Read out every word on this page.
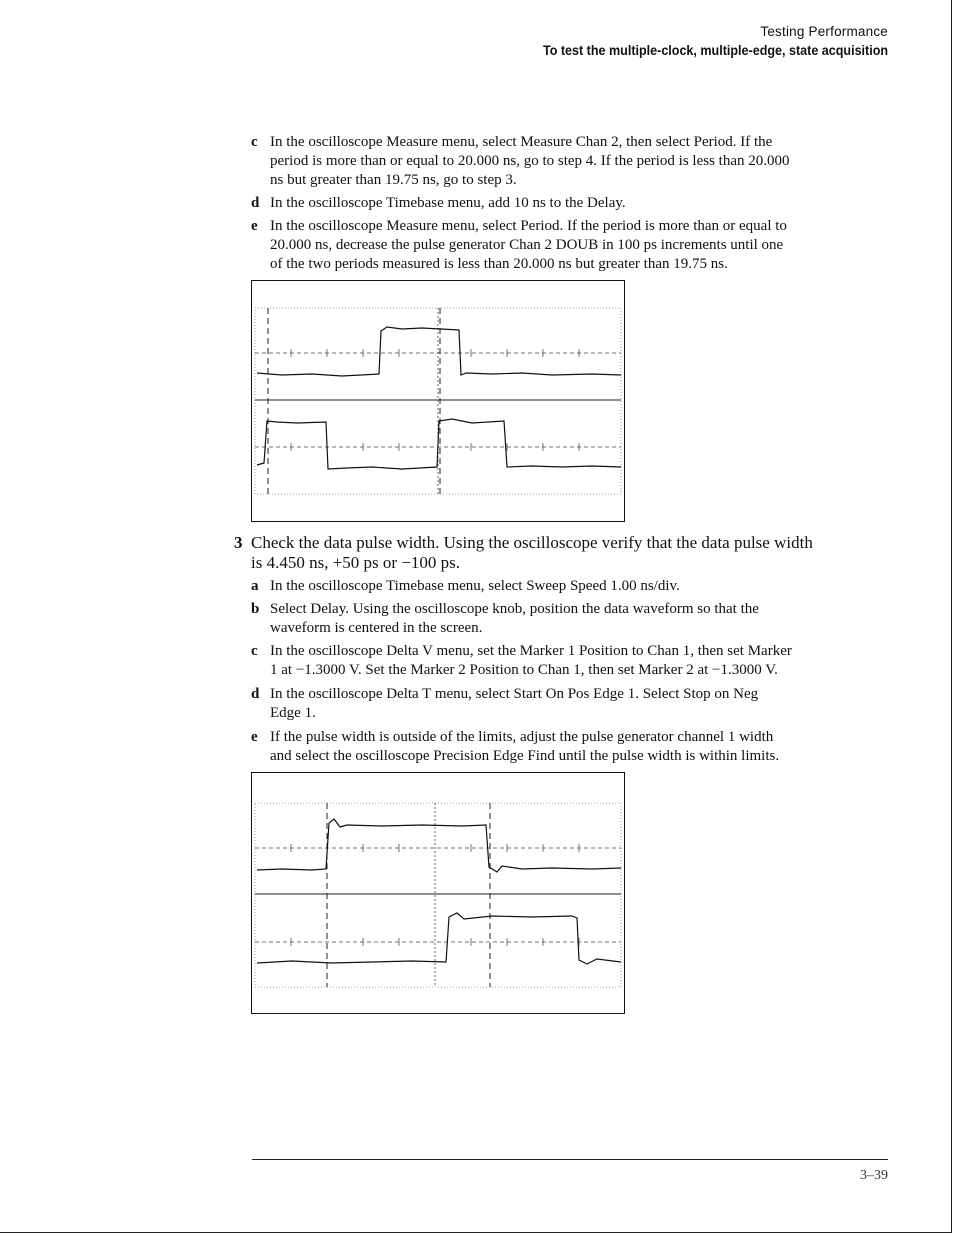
Testing Performance
To test the multiple-clock, multiple-edge, state acquisition
c In the oscilloscope Measure menu, select Measure Chan 2, then select Period. If the
period is more than or equal to 20.000 ns, go to step 4. If the period is less than 20.000
ns but greater than 19.75 ns, go to step 3.
d In the oscilloscope Timebase menu, add 10 ns to the Delay.
e In the oscilloscope Measure menu, select Period. If the period is more than or equal to
20.000 ns, decrease the pulse generator Chan 2 DOUB in 100 ps increments until one
of the two periods measured is less than 20.000 ns but greater than 19.75 ns.
3 Check the data pulse width. Using the oscilloscope verify that the data pulse width
is 4.450 ns, +50 ps or −100 ps.
a In the oscilloscope Timebase menu, select Sweep Speed 1.00 ns/div.
b Select Delay. Using the oscilloscope knob, position the data waveform so that the
waveform is centered in the screen.
c In the oscilloscope Delta V menu, set the Marker 1 Position to Chan 1, then set Marker
1 at −1.3000 V. Set the Marker 2 Position to Chan 1, then set Marker 2 at −1.3000 V.
d In the oscilloscope Delta T menu, select Start On Pos Edge 1. Select Stop on Neg
Edge 1.
e If the pulse width is outside of the limits, adjust the pulse generator channel 1 width
and select the oscilloscope Precision Edge Find until the pulse width is within limits.
3–39
